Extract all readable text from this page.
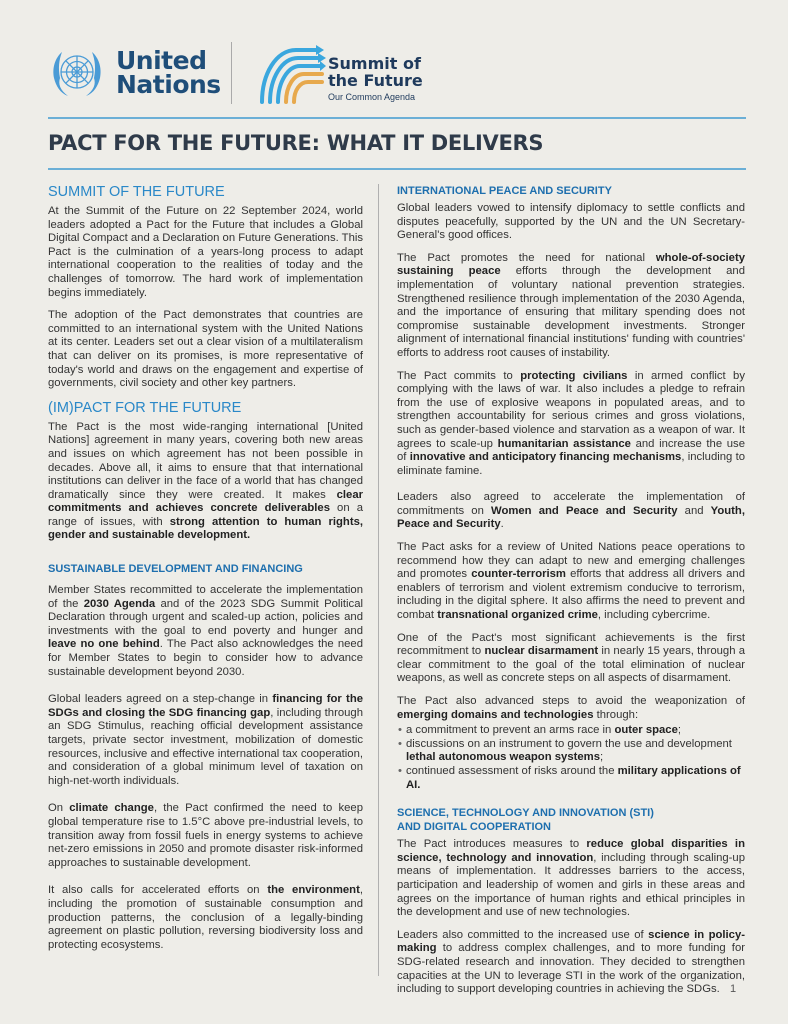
United
Nations
Summit of
the Future
Our Common Agenda
PACT FOR THE FUTURE: WHAT IT DELIVERS
SUMMIT OF THE FUTURE

At the Summit of the Future on 22 September 2024, world leaders adopted a Pact for the Future that includes a Global Digital Compact and a Declaration on Future Generations. This Pact is the culmination of a years-long process to adapt international cooperation to the realities of today and the challenges of tomorrow. The hard work of implementation begins immediately.

The adoption of the Pact demonstrates that countries are committed to an international system with the United Nations at its center. Leaders set out a clear vision of a multilateralism that can deliver on its promises, is more representative of today's world and draws on the engagement and expertise of governments, civil society and other key partners.

(IM)PACT FOR THE FUTURE

The Pact is the most wide-ranging international [United Nations] agreement in many years, covering both new areas and issues on which agreement has not been possible in decades. Above all, it aims to ensure that that international institutions can deliver in the face of a world that has changed dramatically since they were created. It makes clear commitments and achieves concrete deliverables on a range of issues, with strong attention to human rights, gender and sustainable development.

SUSTAINABLE DEVELOPMENT AND FINANCING

Member States recommitted to accelerate the implementation of the 2030 Agenda and of the 2023 SDG Summit Political Declaration through urgent and scaled-up action, policies and investments with the goal to end poverty and hunger and leave no one behind. The Pact also acknowledges the need for Member States to begin to consider how to advance sustainable development beyond 2030.

Global leaders agreed on a step-change in financing for the SDGs and closing the SDG financing gap, including through an SDG Stimulus, reaching official development assistance targets, private sector investment, mobilization of domestic resources, inclusive and effective international tax cooperation, and consideration of a global minimum level of taxation on high-net-worth individuals.

On climate change, the Pact confirmed the need to keep global temperature rise to 1.5°C above pre-industrial levels, to transition away from fossil fuels in energy systems to achieve net-zero emissions in 2050 and promote disaster risk-informed approaches to sustainable development.

It also calls for accelerated efforts on the environment, including the promotion of sustainable consumption and production patterns, the conclusion of a legally-binding agreement on plastic pollution, reversing biodiversity loss and protecting ecosystems.

INTERNATIONAL PEACE AND SECURITY

Global leaders vowed to intensify diplomacy to settle conflicts and disputes peacefully, supported by the UN and the UN Secretary-General's good offices.

The Pact promotes the need for national whole-of-society sustaining peace efforts through the development and implementation of voluntary national prevention strategies. Strengthened resilience through implementation of the 2030 Agenda, and the importance of ensuring that military spending does not compromise sustainable development investments. Stronger alignment of international financial institutions' funding with countries' efforts to address root causes of instability.

The Pact commits to protecting civilians in armed conflict by complying with the laws of war. It also includes a pledge to refrain from the use of explosive weapons in populated areas, and to strengthen accountability for serious crimes and gross violations, such as gender-based violence and starvation as a weapon of war. It agrees to scale-up humanitarian assistance and increase the use of innovative and anticipatory financing mechanisms, including to eliminate famine.

Leaders also agreed to accelerate the implementation of commitments on Women and Peace and Security and Youth, Peace and Security.

The Pact asks for a review of United Nations peace operations to recommend how they can adapt to new and emerging challenges and promotes counter-terrorism efforts that address all drivers and enablers of terrorism and violent extremism conducive to terrorism, including in the digital sphere. It also affirms the need to prevent and combat transnational organized crime, including cybercrime.

One of the Pact's most significant achievements is the first recommitment to nuclear disarmament in nearly 15 years, through a clear commitment to the goal of the total elimination of nuclear weapons, as well as concrete steps on all aspects of disarmament.

The Pact also advanced steps to avoid the weaponization of emerging domains and technologies through:

• a commitment to prevent an arms race in outer space;
• discussions on an instrument to govern the use and development lethal autonomous weapon systems;
• continued assessment of risks around the military applications of AI.
SCIENCE, TECHNOLOGY AND INNOVATION (STI)
AND DIGITAL COOPERATION

The Pact introduces measures to reduce global disparities in science, technology and innovation, including through scaling-up means of implementation. It addresses barriers to the access, participation and leadership of women and girls in these areas and agrees on the importance of human rights and ethical principles in the development and use of new technologies.

Leaders also committed to the increased use of science in policy-making to address complex challenges, and to more funding for SDG-related research and innovation. They decided to strengthen capacities at the UN to leverage STI in the work of the organization, including to support developing countries in achieving the SDGs. 1
